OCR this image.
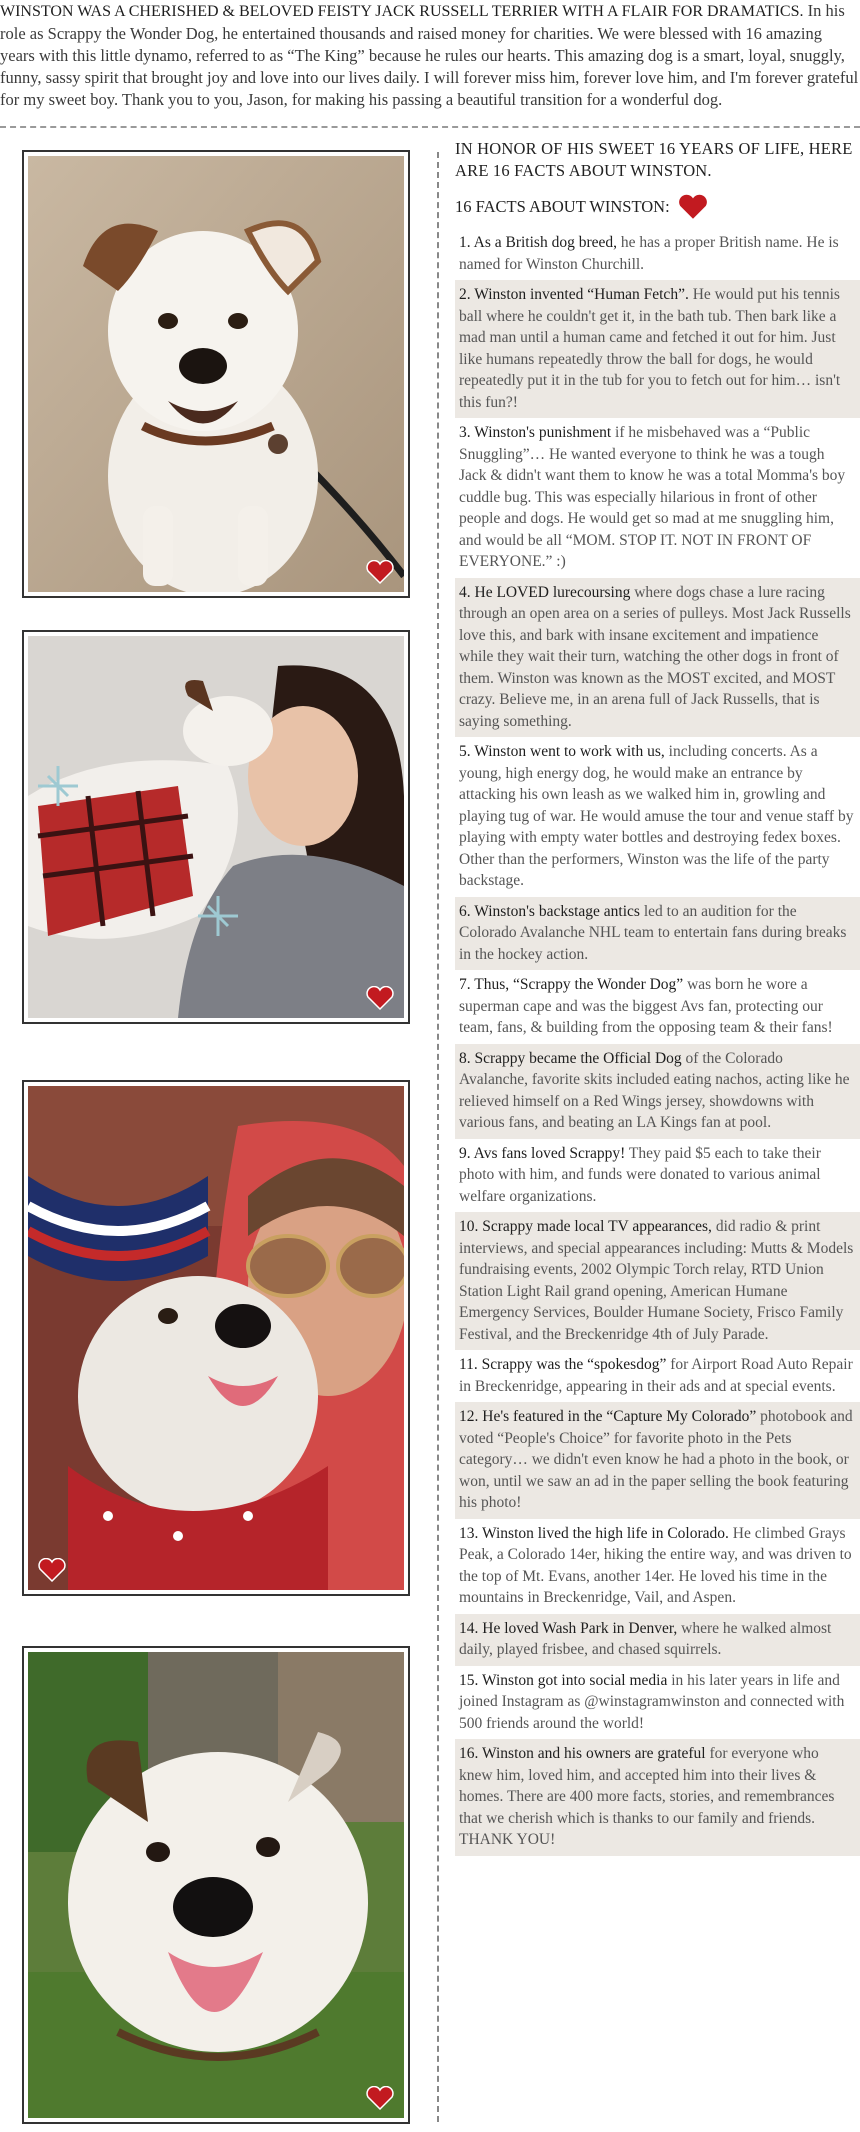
WINSTON WAS A CHERISHED & BELOVED FEISTY JACK RUSSELL TERRIER WITH A FLAIR FOR DRAMATICS. In his role as Scrappy the Wonder Dog, he entertained thousands and raised money for charities. We were blessed with 16 amazing years with this little dynamo, referred to as “The King” because he rules our hearts. This amazing dog is a smart, loyal, snuggly, funny, sassy spirit that brought joy and love into our lives daily. I will forever miss him, forever love him, and I'm forever grateful for my sweet boy. Thank you to you, Jason, for making his passing a beautiful transition for a wonderful dog.
IN HONOR OF HIS SWEET 16 YEARS OF LIFE, HERE ARE 16 FACTS ABOUT WINSTON.
16 FACTS ABOUT WINSTON:

1. As a British dog breed, he has a proper British name. He is named for Winston Churchill.

2. Winston invented “Human Fetch”. He would put his tennis ball where he couldn't get it, in the bath tub. Then bark like a mad man until a human came and fetched it out for him. Just like humans repeatedly throw the ball for dogs, he would repeatedly put it in the tub for you to fetch out for him… isn't this fun?!

3. Winston's punishment if he misbehaved was a “Public Snuggling”… He wanted everyone to think he was a tough Jack & didn't want them to know he was a total Momma's boy cuddle bug. This was especially hilarious in front of other people and dogs. He would get so mad at me snuggling him, and would be all “MOM. STOP IT. NOT IN FRONT OF EVERYONE.” :)

4. He LOVED lurecoursing where dogs chase a lure racing through an open area on a series of pulleys. Most Jack Russells love this, and bark with insane excitement and impatience while they wait their turn, watching the other dogs in front of them. Winston was known as the MOST excited, and MOST crazy. Believe me, in an arena full of Jack Russells, that is saying something.

5. Winston went to work with us, including concerts. As a young, high energy dog, he would make an entrance by attacking his own leash as we walked him in, growling and playing tug of war. He would amuse the tour and venue staff by playing with empty water bottles and destroying fedex boxes. Other than the performers, Winston was the life of the party backstage.

6. Winston's backstage antics led to an audition for the Colorado Avalanche NHL team to entertain fans during breaks in the hockey action.

7. Thus, “Scrappy the Wonder Dog” was born he wore a superman cape and was the biggest Avs fan, protecting our team, fans, & building from the opposing team & their fans!

8. Scrappy became the Official Dog of the Colorado Avalanche, favorite skits included eating nachos, acting like he relieved himself on a Red Wings jersey, showdowns with various fans, and beating an LA Kings fan at pool.

9. Avs fans loved Scrappy! They paid $5 each to take their photo with him, and funds were donated to various animal welfare organizations.

10. Scrappy made local TV appearances, did radio & print interviews, and special appearances including: Mutts & Models fundraising events, 2002 Olympic Torch relay, RTD Union Station Light Rail grand opening, American Humane Emergency Services, Boulder Humane Society, Frisco Family Festival, and the Breckenridge 4th of July Parade.

11. Scrappy was the “spokesdog” for Airport Road Auto Repair in Breckenridge, appearing in their ads and at special events.

12. He's featured in the “Capture My Colorado” photobook and voted “People's Choice” for favorite photo in the Pets category… we didn't even know he had a photo in the book, or won, until we saw an ad in the paper selling the book featuring his photo!

13. Winston lived the high life in Colorado. He climbed Grays Peak, a Colorado 14er, hiking the entire way, and was driven to the top of Mt. Evans, another 14er. He loved his time in the mountains in Breckenridge, Vail, and Aspen.

14. He loved Wash Park in Denver, where he walked almost daily, played frisbee, and chased squirrels.

15. Winston got into social media in his later years in life and joined Instagram as @winstagramwinston and connected with 500 friends around the world!

16. Winston and his owners are grateful for everyone who knew him, loved him, and accepted him into their lives & homes. There are 400 more facts, stories, and remembrances that we cherish which is thanks to our family and friends. THANK YOU!
